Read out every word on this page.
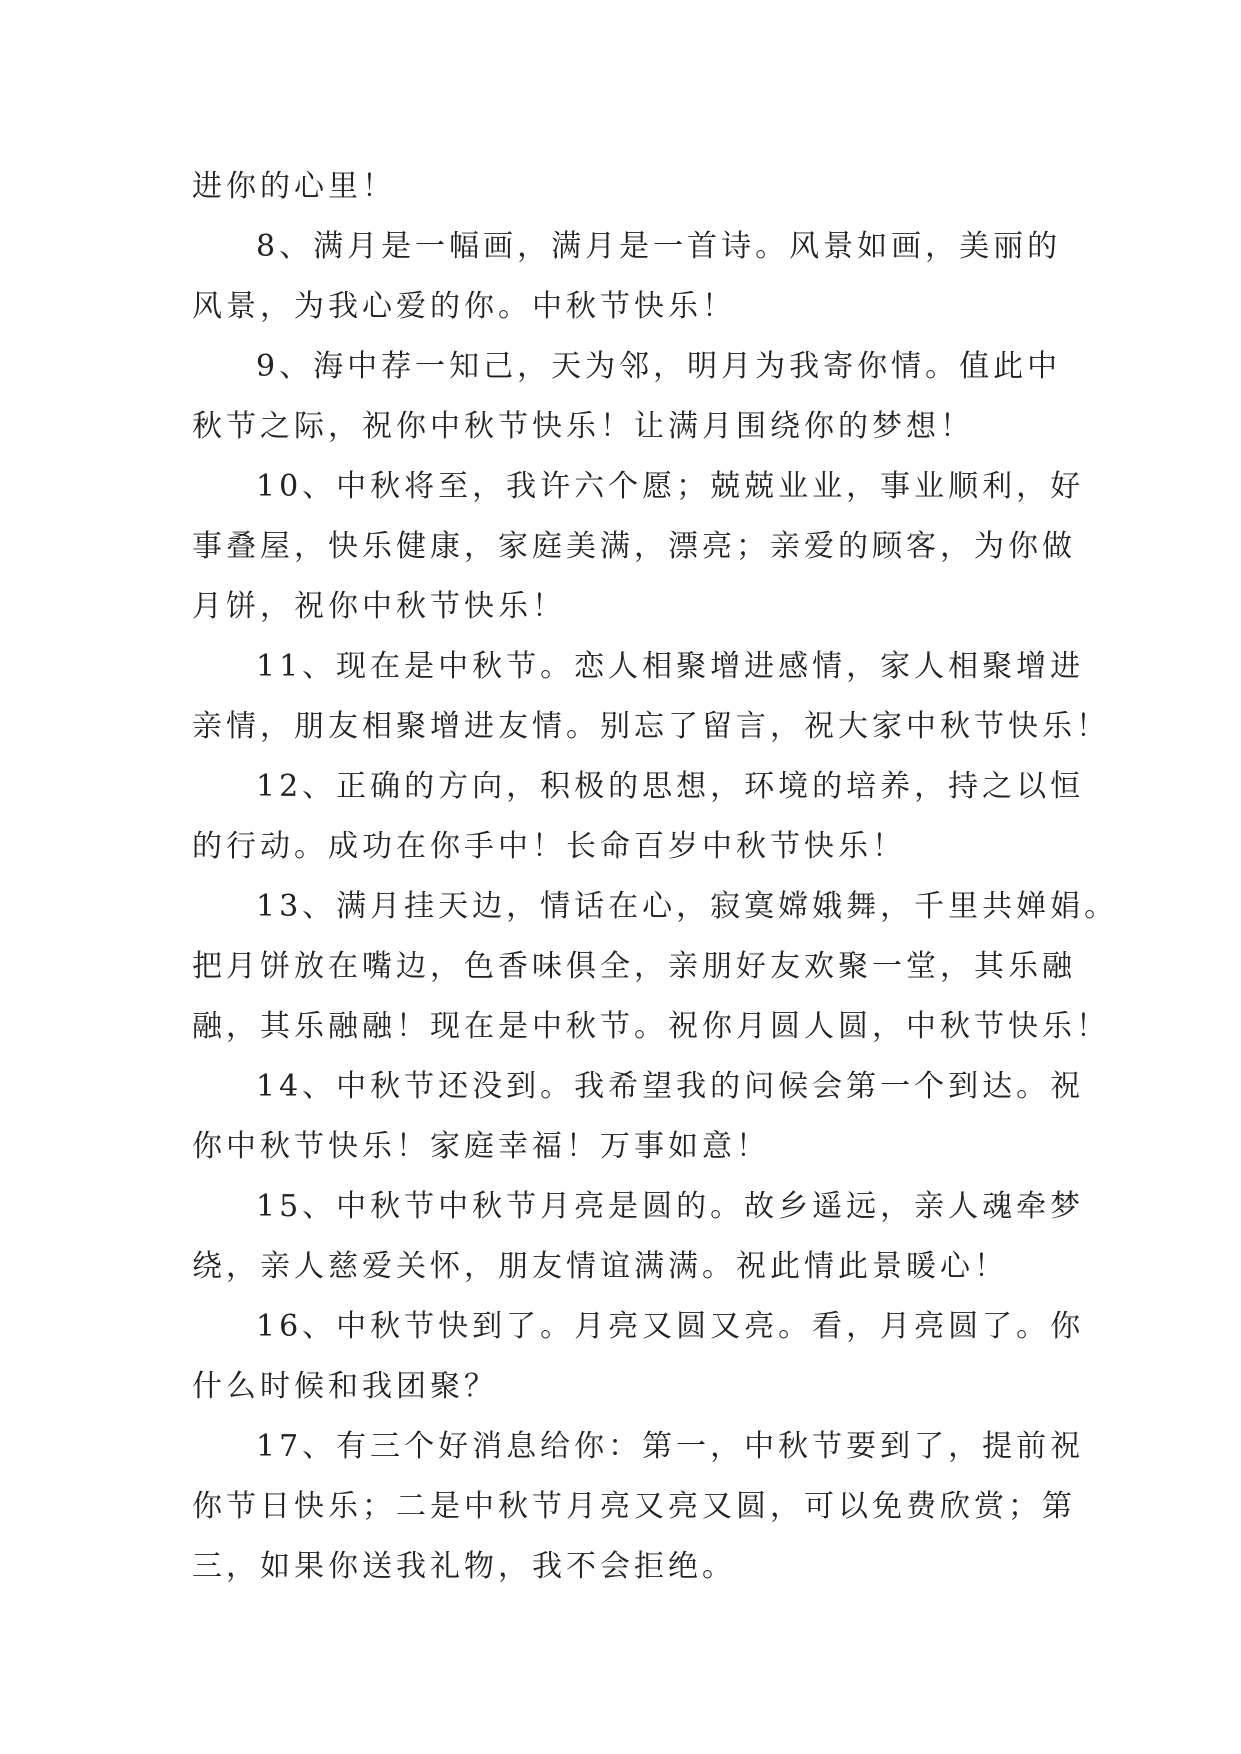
进你的心里！
8、满月是一幅画，满月是一首诗。风景如画，美丽的
风景，为我心爱的你。中秋节快乐！
9、海中荐一知己，天为邻，明月为我寄你情。值此中
秋节之际，祝你中秋节快乐！让满月围绕你的梦想！
10、中秋将至，我许六个愿；兢兢业业，事业顺利，好
事叠屋，快乐健康，家庭美满，漂亮；亲爱的顾客，为你做
月饼，祝你中秋节快乐！
11、现在是中秋节。恋人相聚增进感情，家人相聚增进
亲情，朋友相聚增进友情。别忘了留言，祝大家中秋节快乐！
12、正确的方向，积极的思想，环境的培养，持之以恒
的行动。成功在你手中！长命百岁中秋节快乐！
13、满月挂天边，情话在心，寂寞嫦娥舞，千里共婵娟。
把月饼放在嘴边，色香味俱全，亲朋好友欢聚一堂，其乐融
融，其乐融融！现在是中秋节。祝你月圆人圆，中秋节快乐！
14、中秋节还没到。我希望我的问候会第一个到达。祝
你中秋节快乐！家庭幸福！万事如意！
15、中秋节中秋节月亮是圆的。故乡遥远，亲人魂牵梦
绕，亲人慈爱关怀，朋友情谊满满。祝此情此景暖心！
16、中秋节快到了。月亮又圆又亮。看，月亮圆了。你
什么时候和我团聚？
17、有三个好消息给你：第一，中秋节要到了，提前祝
你节日快乐；二是中秋节月亮又亮又圆，可以免费欣赏；第
三，如果你送我礼物，我不会拒绝。
